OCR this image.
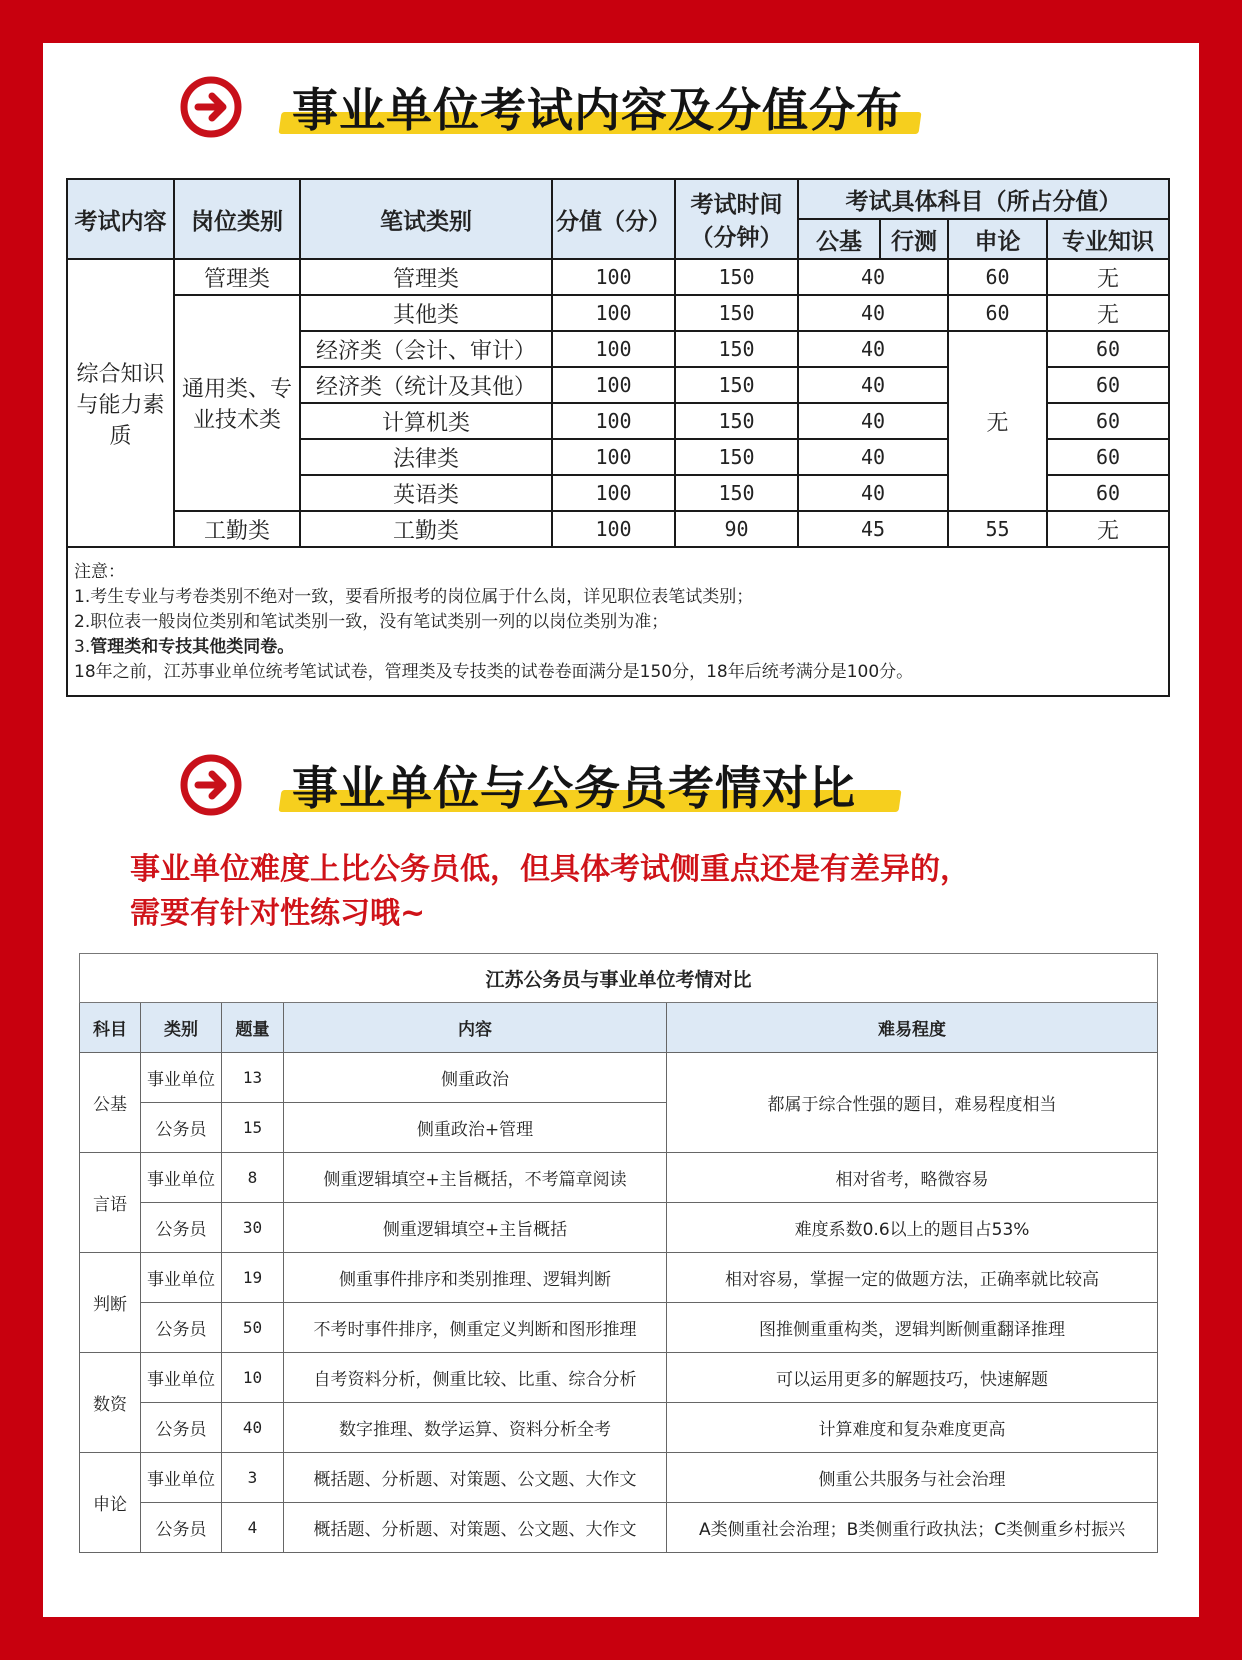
事业单位考试内容及分值分布
考试内容	岗位类别	笔试类别	分值（分）	考试时间（分钟）	考试具体科目（所占分值）			
					公基	行测	申论	专业知识
综合知识与能力素质	管理类	管理类	100	150	40		60	无
	通用类、专业技术类	其他类	100	150	40		60	无
		经济类（会计、审计）	100	150	40		无	60
		经济类（统计及其他）	100	150	40			60
		计算机类	100	150	40			60
		法律类	100	150	40			60
		英语类	100	150	40			60
	工勤类	工勤类	100	90	45		55	无

注意：
1.考生专业与考卷类别不绝对一致，要看所报考的岗位属于什么岗，详见职位表笔试类别；
2.职位表一般岗位类别和笔试类别一致，没有笔试类别一列的以岗位类别为准；
3.管理类和专技其他类同卷。
18年之前，江苏事业单位统考笔试试卷，管理类及专技类的试卷卷面满分是150分，18年后统考满分是100分。								
事业单位与公务员考情对比
事业单位难度上比公务员低，但具体考试侧重点还是有差异的，
需要有针对性练习哦~
江苏公务员与事业单位考情对比				
科目	类别	题量	内容	难易程度
公基	事业单位	13	侧重政治	都属于综合性强的题目，难易程度相当
	公务员	15	侧重政治+管理	
言语	事业单位	8	侧重逻辑填空+主旨概括，不考篇章阅读	相对省考，略微容易
	公务员	30	侧重逻辑填空+主旨概括	难度系数0.6以上的题目占53%
判断	事业单位	19	侧重事件排序和类别推理、逻辑判断	相对容易，掌握一定的做题方法，正确率就比较高
	公务员	50	不考时事件排序，侧重定义判断和图形推理	图推侧重重构类，逻辑判断侧重翻译推理
数资	事业单位	10	自考资料分析，侧重比较、比重、综合分析	可以运用更多的解题技巧，快速解题
	公务员	40	数字推理、数学运算、资料分析全考	计算难度和复杂难度更高
申论	事业单位	3	概括题、分析题、对策题、公文题、大作文	侧重公共服务与社会治理
	公务员	4	概括题、分析题、对策题、公文题、大作文	A类侧重社会治理；B类侧重行政执法；C类侧重乡村振兴
